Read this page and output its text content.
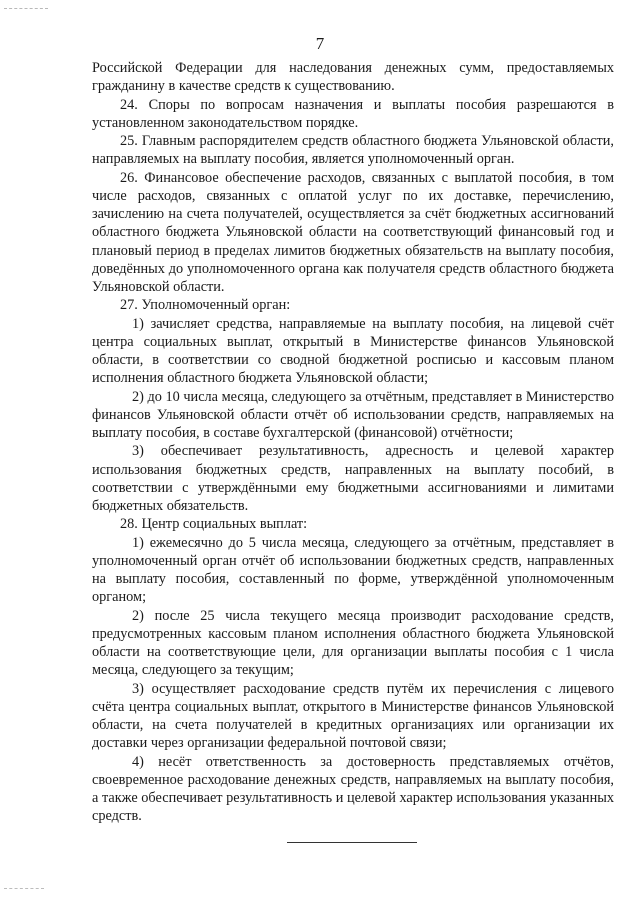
7

Российской Федерации для наследования денежных сумм, предоставляемых гражданину в качестве средств к существованию.

24. Споры по вопросам назначения и выплаты пособия разрешаются в установленном законодательством порядке.

25. Главным распорядителем средств областного бюджета Ульяновской области, направляемых на выплату пособия, является уполномоченный орган.

26. Финансовое обеспечение расходов, связанных с выплатой пособия, в том числе расходов, связанных с оплатой услуг по их доставке, перечислению, зачислению на счета получателей, осуществляется за счёт бюджетных ассигнований областного бюджета Ульяновской области на соответствующий финансовый год и плановый период в пределах лимитов бюджетных обязательств на выплату пособия, доведённых до уполномоченного органа как получателя средств областного бюджета Ульяновской области.

27. Уполномоченный орган:

1) зачисляет средства, направляемые на выплату пособия, на лицевой счёт центра социальных выплат, открытый в Министерстве финансов Ульяновской области, в соответствии со сводной бюджетной росписью и кассовым планом исполнения областного бюджета Ульяновской области;

2) до 10 числа месяца, следующего за отчётным, представляет в Министерство финансов Ульяновской области отчёт об использовании средств, направляемых на выплату пособия, в составе бухгалтерской (финансовой) отчётности;

3) обеспечивает результативность, адресность и целевой характер использования бюджетных средств, направленных на выплату пособий, в соответствии с утверждёнными ему бюджетными ассигнованиями и лимитами бюджетных обязательств.

28. Центр социальных выплат:

1) ежемесячно до 5 числа месяца, следующего за отчётным, представляет в уполномоченный орган отчёт об использовании бюджетных средств, направленных на выплату пособия, составленный по форме, утверждённой уполномоченным органом;

2) после 25 числа текущего месяца производит расходование средств, предусмотренных кассовым планом исполнения областного бюджета Ульяновской области на соответствующие цели, для организации выплаты пособия с 1 числа месяца, следующего за текущим;

3) осуществляет расходование средств путём их перечисления с лицевого счёта центра социальных выплат, открытого в Министерстве финансов Ульяновской области, на счета получателей в кредитных организациях или организации их доставки через организации федеральной почтовой связи;

4) несёт ответственность за достоверность представляемых отчётов, своевременное расходование денежных средств, направляемых на выплату пособия, а также обеспечивает результативность и целевой характер использования указанных средств.
